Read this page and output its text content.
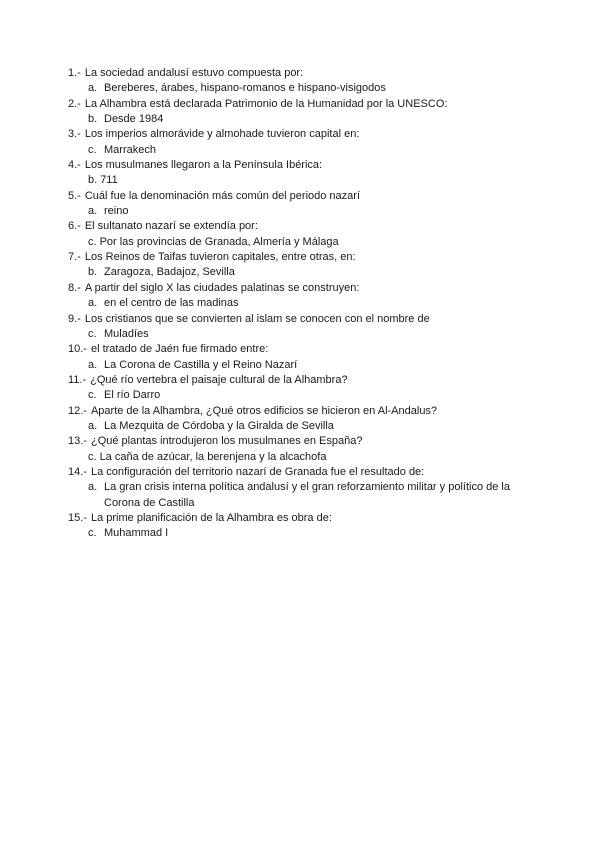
1.- La sociedad andalusí estuvo compuesta por:
a. Bereberes, árabes, hispano-romanos e hispano-visigodos
2.- La Alhambra está declarada Patrimonio de la Humanidad por la UNESCO:
b. Desde 1984
3.- Los imperios almorávide y almohade tuvieron capital en:
c. Marrakech
4.- Los musulmanes llegaron a la Península Ibérica:
b. 711
5.- Cuál fue la denominación más común del periodo nazarí
a. reino
6.- El sultanato nazarí se extendía por:
c. Por las provincias de Granada, Almería y Málaga
7.- Los Reinos de Taifas tuvieron capitales, entre otras, en:
b. Zaragoza, Badajoz, Sevilla
8.- A partir del siglo X las ciudades palatinas se construyen:
a. en el centro de las madinas
9.- Los cristianos que se convierten al islam se conocen con el nombre de
c. Muladíes
10.- el tratado de Jaén fue firmado entre:
a. La Corona de Castilla y el Reino Nazarí
11.- ¿Qué río vertebra el paisaje cultural de la Alhambra?
c. El río Darro
12.- Aparte de la Alhambra, ¿Qué otros edificios se hicieron en Al-Andalus?
a. La Mezquita de Córdoba y la Giralda de Sevilla
13.- ¿Qué plantas introdujeron los musulmanes en España?
c. La caña de azúcar, la berenjena y la alcachofa
14.- La configuración del territorio nazarí de Granada fue el resultado de:
a. La gran crisis interna política andalusí y el gran reforzamiento militar y político de la
Corona de Castilla
15.- La prime planificación de la Alhambra es obra de:
c. Muhammad I
